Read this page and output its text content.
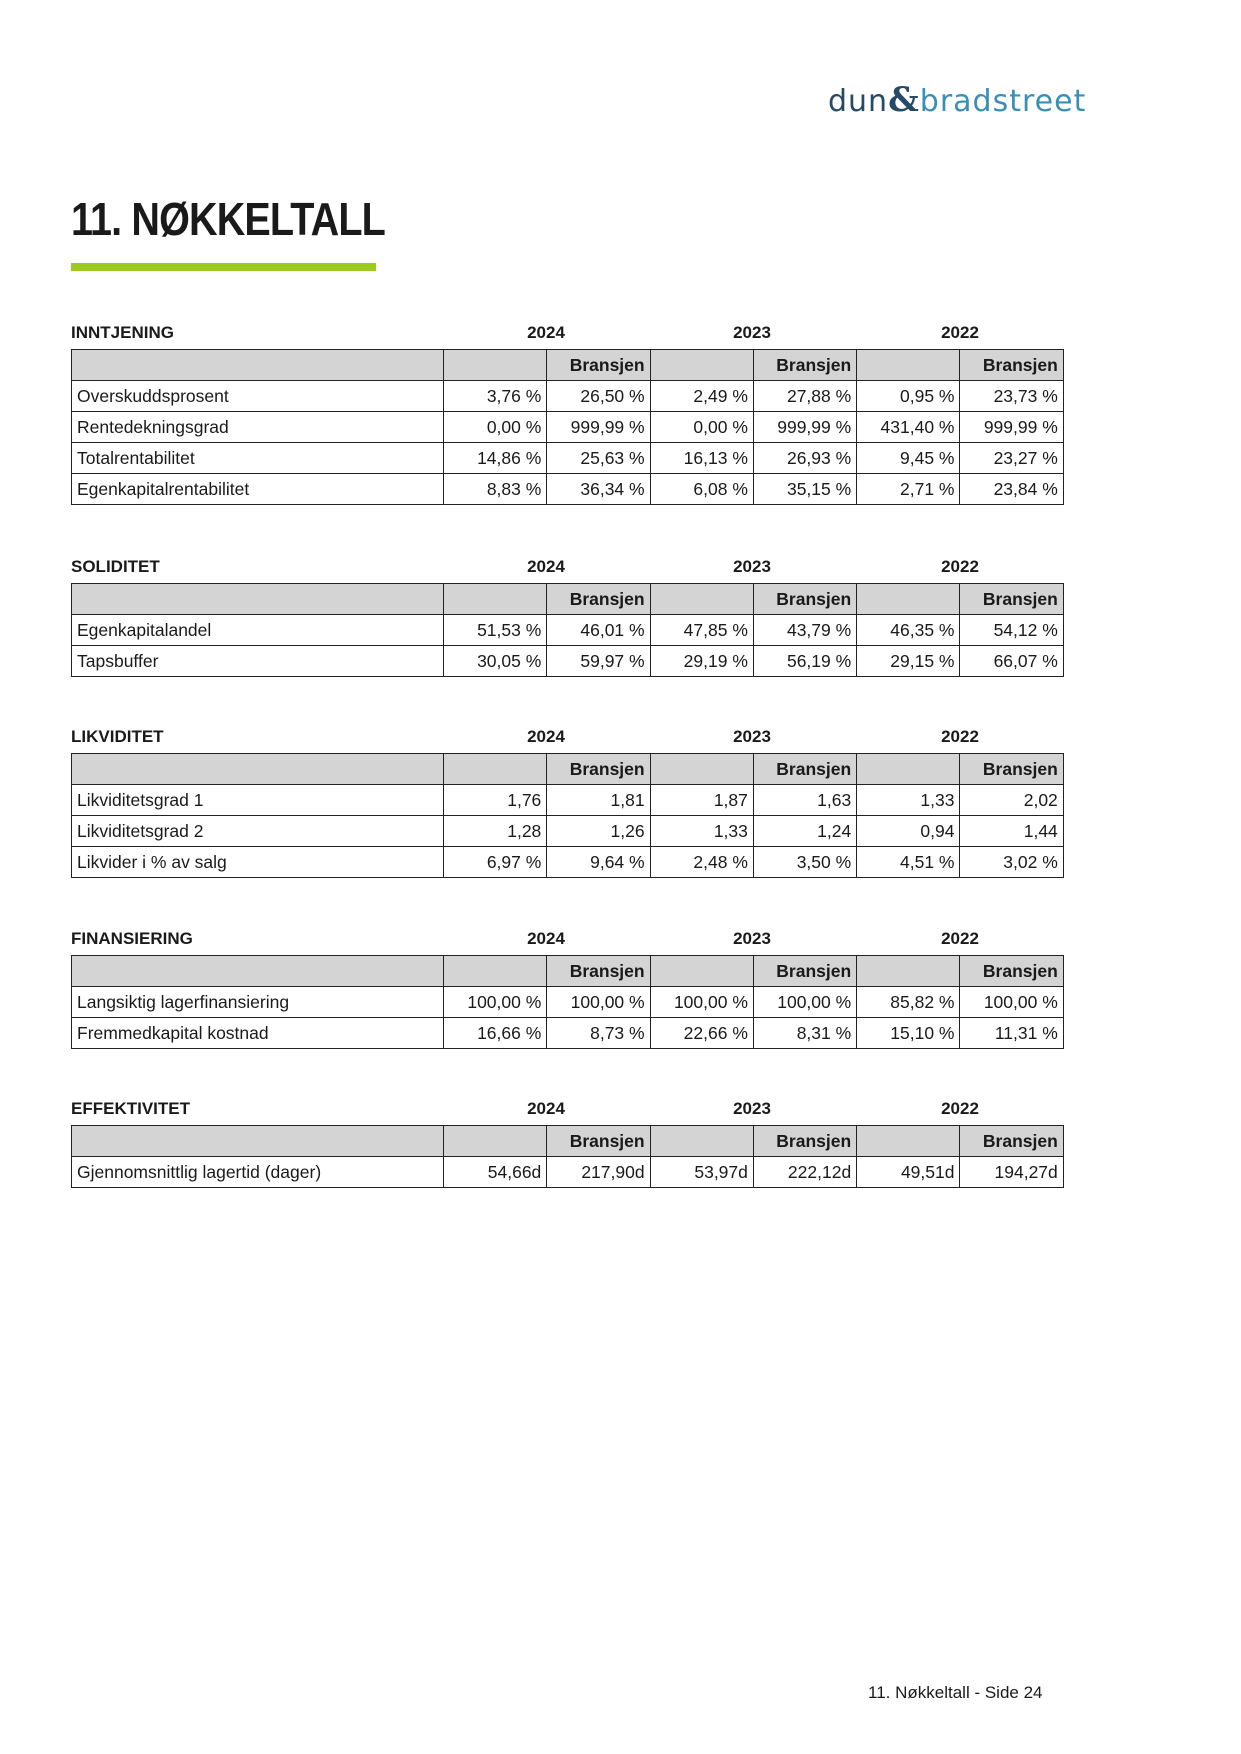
dun&bradstreet
11. NØKKELTALL
INNTJENING	2024	2023	2022
		Bransjen		Bransjen		Bransjen
Overskuddsprosent	3,76 %	26,50 %	2,49 %	27,88 %	0,95 %	23,73 %
Rentedekningsgrad	0,00 %	999,99 %	0,00 %	999,99 %	431,40 %	999,99 %
Totalrentabilitet	14,86 %	25,63 %	16,13 %	26,93 %	9,45 %	23,27 %
Egenkapitalrentabilitet	8,83 %	36,34 %	6,08 %	35,15 %	2,71 %	23,84 %
SOLIDITET	2024	2023	2022
		Bransjen		Bransjen		Bransjen
Egenkapitalandel	51,53 %	46,01 %	47,85 %	43,79 %	46,35 %	54,12 %
Tapsbuffer	30,05 %	59,97 %	29,19 %	56,19 %	29,15 %	66,07 %
LIKVIDITET	2024	2023	2022
		Bransjen		Bransjen		Bransjen
Likviditetsgrad 1	1,76	1,81	1,87	1,63	1,33	2,02
Likviditetsgrad 2	1,28	1,26	1,33	1,24	0,94	1,44
Likvider i % av salg	6,97 %	9,64 %	2,48 %	3,50 %	4,51 %	3,02 %
FINANSIERING	2024	2023	2022
		Bransjen		Bransjen		Bransjen
Langsiktig lagerfinansiering	100,00 %	100,00 %	100,00 %	100,00 %	85,82 %	100,00 %
Fremmedkapital kostnad	16,66 %	8,73 %	22,66 %	8,31 %	15,10 %	11,31 %
EFFEKTIVITET	2024	2023	2022
		Bransjen		Bransjen		Bransjen
Gjennomsnittlig lagertid (dager)	54,66d	217,90d	53,97d	222,12d	49,51d	194,27d
11. Nøkkeltall - Side 24
